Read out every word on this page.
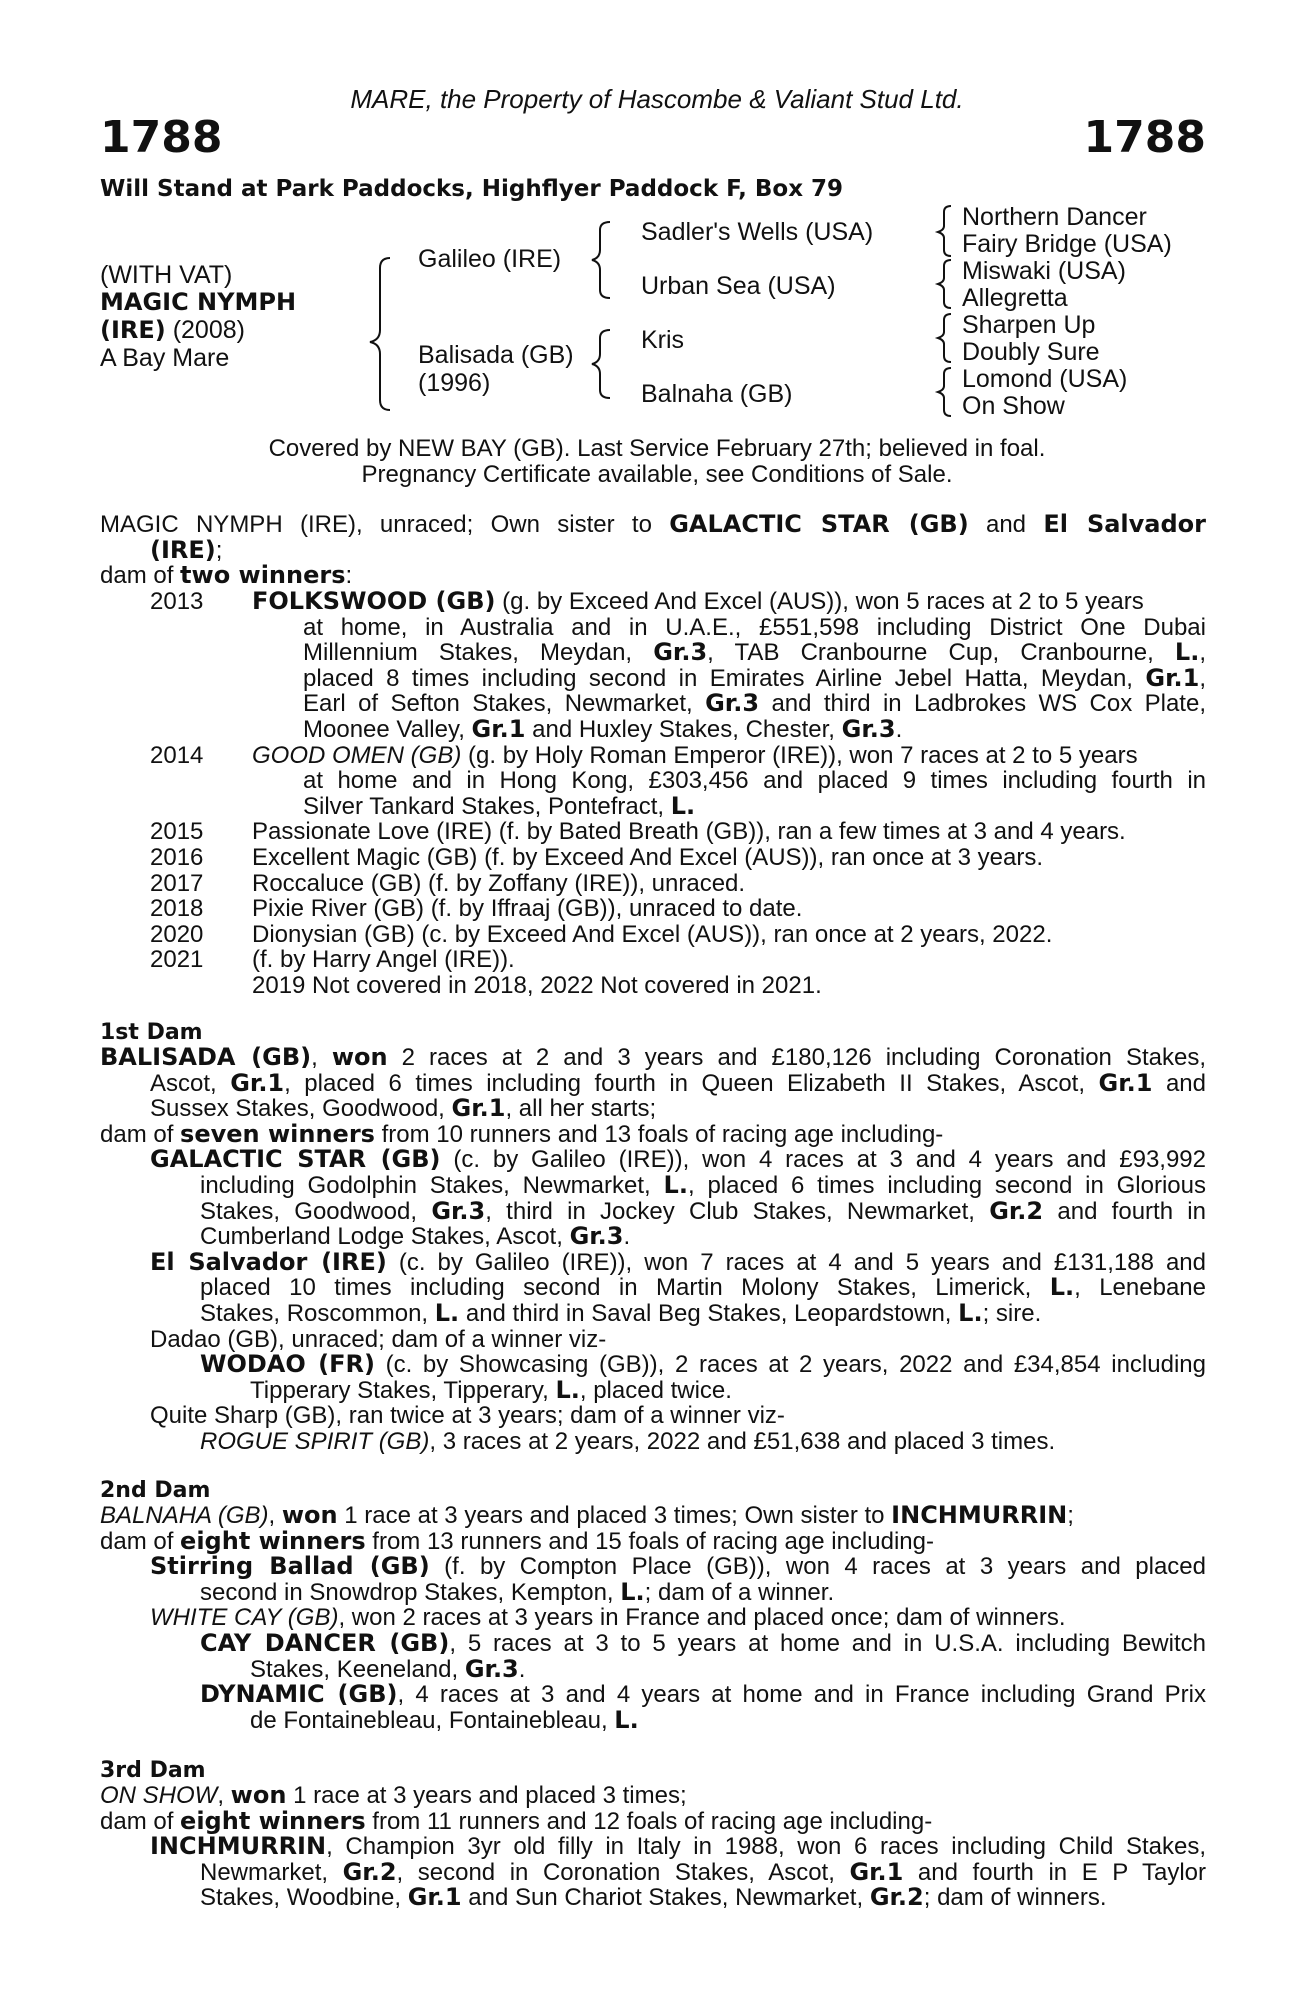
MARE, the Property of Hascombe & Valiant Stud Ltd.
1788	1788
Will Stand at Park Paddocks, Highflyer Paddock F, Box 79
(WITH VAT)
MAGIC NYMPH
(IRE) (2008)
A Bay Mare
Galileo (IRE)
Balisada (GB)
(1996)
Sadler's Wells (USA)
Urban Sea (USA)
Kris
Balnaha (GB)
Northern Dancer
Fairy Bridge (USA)
Miswaki (USA)
Allegretta
Sharpen Up
Doubly Sure
Lomond (USA)
On Show
Covered by NEW BAY (GB). Last Service February 27th; believed in foal.
Pregnancy Certificate available, see Conditions of Sale.
MAGIC NYMPH (IRE), unraced; Own sister to GALACTIC STAR (GB) and El Salvador
(IRE);
dam of two winners:
2013 FOLKSWOOD (GB) (g. by Exceed And Excel (AUS)), won 5 races at 2 to 5 years
at home, in Australia and in U.A.E., £551,598 including District One Dubai
Millennium Stakes, Meydan, Gr.3, TAB Cranbourne Cup, Cranbourne, L.,
placed 8 times including second in Emirates Airline Jebel Hatta, Meydan, Gr.1,
Earl of Sefton Stakes, Newmarket, Gr.3 and third in Ladbrokes WS Cox Plate,
Moonee Valley, Gr.1 and Huxley Stakes, Chester, Gr.3.
2014 GOOD OMEN (GB) (g. by Holy Roman Emperor (IRE)), won 7 races at 2 to 5 years
at home and in Hong Kong, £303,456 and placed 9 times including fourth in
Silver Tankard Stakes, Pontefract, L.
2015 Passionate Love (IRE) (f. by Bated Breath (GB)), ran a few times at 3 and 4 years.
2016 Excellent Magic (GB) (f. by Exceed And Excel (AUS)), ran once at 3 years.
2017 Roccaluce (GB) (f. by Zoffany (IRE)), unraced.
2018 Pixie River (GB) (f. by Iffraaj (GB)), unraced to date.
2020 Dionysian (GB) (c. by Exceed And Excel (AUS)), ran once at 2 years, 2022.
2021 (f. by Harry Angel (IRE)).
2019 Not covered in 2018, 2022 Not covered in 2021.
1st Dam
BALISADA (GB), won 2 races at 2 and 3 years and £180,126 including Coronation Stakes,
Ascot, Gr.1, placed 6 times including fourth in Queen Elizabeth II Stakes, Ascot, Gr.1 and
Sussex Stakes, Goodwood, Gr.1, all her starts;
dam of seven winners from 10 runners and 13 foals of racing age including-
GALACTIC STAR (GB) (c. by Galileo (IRE)), won 4 races at 3 and 4 years and £93,992
including Godolphin Stakes, Newmarket, L., placed 6 times including second in Glorious
Stakes, Goodwood, Gr.3, third in Jockey Club Stakes, Newmarket, Gr.2 and fourth in
Cumberland Lodge Stakes, Ascot, Gr.3.
El Salvador (IRE) (c. by Galileo (IRE)), won 7 races at 4 and 5 years and £131,188 and
placed 10 times including second in Martin Molony Stakes, Limerick, L., Lenebane
Stakes, Roscommon, L. and third in Saval Beg Stakes, Leopardstown, L.; sire.
Dadao (GB), unraced; dam of a winner viz-
WODAO (FR) (c. by Showcasing (GB)), 2 races at 2 years, 2022 and £34,854 including
Tipperary Stakes, Tipperary, L., placed twice.
Quite Sharp (GB), ran twice at 3 years; dam of a winner viz-
ROGUE SPIRIT (GB), 3 races at 2 years, 2022 and £51,638 and placed 3 times.
2nd Dam
BALNAHA (GB), won 1 race at 3 years and placed 3 times; Own sister to INCHMURRIN;
dam of eight winners from 13 runners and 15 foals of racing age including-
Stirring Ballad (GB) (f. by Compton Place (GB)), won 4 races at 3 years and placed
second in Snowdrop Stakes, Kempton, L.; dam of a winner.
WHITE CAY (GB), won 2 races at 3 years in France and placed once; dam of winners.
CAY DANCER (GB), 5 races at 3 to 5 years at home and in U.S.A. including Bewitch
Stakes, Keeneland, Gr.3.
DYNAMIC (GB), 4 races at 3 and 4 years at home and in France including Grand Prix
de Fontainebleau, Fontainebleau, L.
3rd Dam
ON SHOW, won 1 race at 3 years and placed 3 times;
dam of eight winners from 11 runners and 12 foals of racing age including-
INCHMURRIN, Champion 3yr old filly in Italy in 1988, won 6 races including Child Stakes,
Newmarket, Gr.2, second in Coronation Stakes, Ascot, Gr.1 and fourth in E P Taylor
Stakes, Woodbine, Gr.1 and Sun Chariot Stakes, Newmarket, Gr.2; dam of winners.
